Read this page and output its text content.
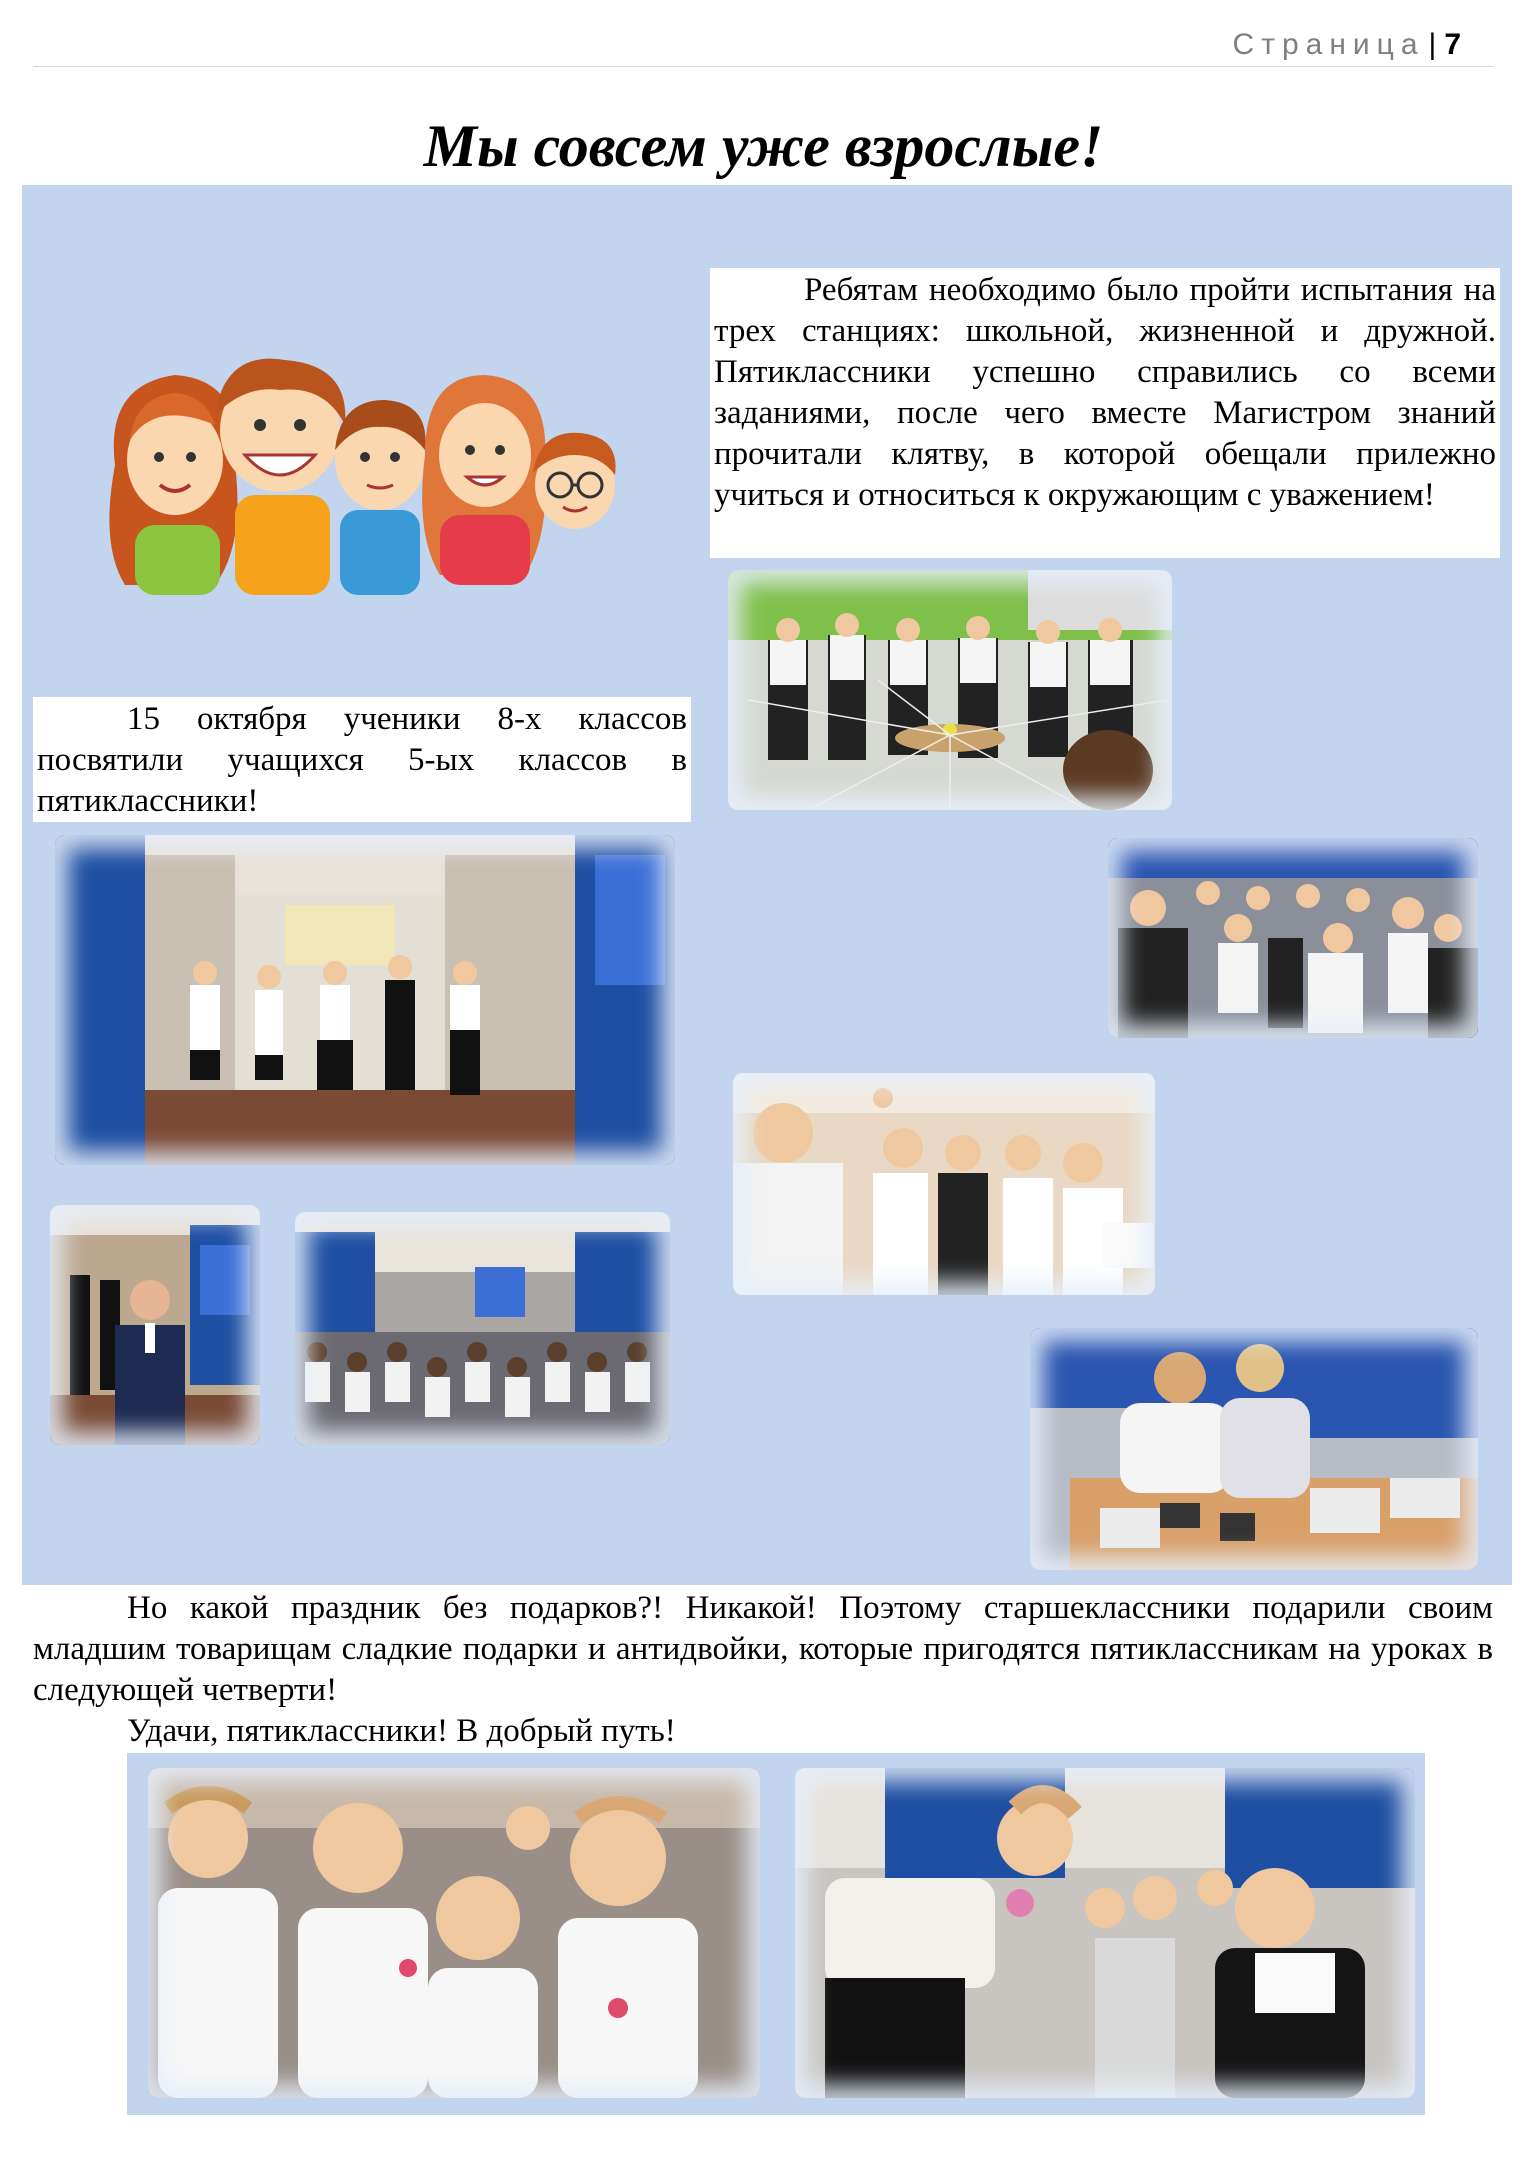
Страница | 7
Мы совсем уже взрослые!

Ребятам необходимо было пройти испытания на трех станциях: школьной, жизненной и дружной. Пятиклассники успешно справились со всеми заданиями, после чего вместе Магистром знаний прочитали клятву, в которой обещали прилежно учиться и относиться к окружающим с уважением!

15 октября ученики 8-х классов посвятили учащихся 5-ых классов в пятиклассники!

Но какой праздник без подарков?! Никакой! Поэтому старшеклассники подарили своим младшим товарищам сладкие подарки и антидвойки, которые пригодятся пятиклассникам на уроках в следующей четверти!

Удачи, пятиклассники! В добрый путь!
